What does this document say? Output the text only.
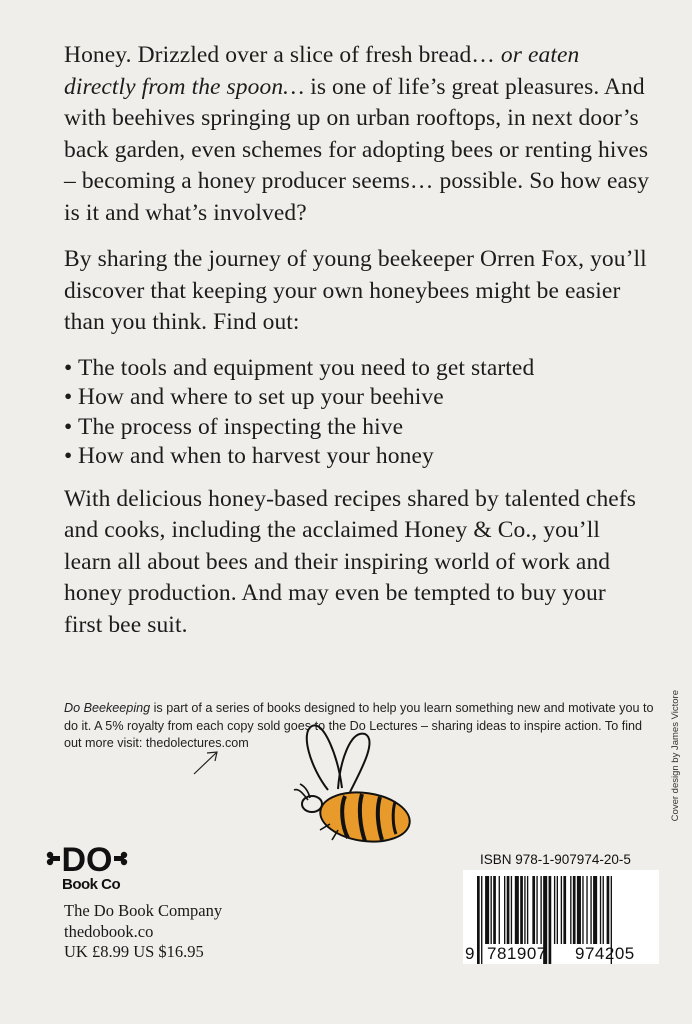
Honey. Drizzled over a slice of fresh bread… or eaten directly from the spoon… is one of life’s great pleasures. And with beehives springing up on urban rooftops, in next door’s back garden, even schemes for adopting bees or renting hives – becoming a honey producer seems… possible. So how easy is it and what’s involved?

By sharing the journey of young beekeeper Orren Fox, you’ll discover that keeping your own honeybees might be easier than you think. Find out:

• The tools and equipment you need to get started
• How and where to set up your beehive
• The process of inspecting the hive
• How and when to harvest your honey

With delicious honey-based recipes shared by talented chefs and cooks, including the acclaimed Honey & Co., you’ll learn all about bees and their inspiring world of work and honey production. And may even be tempted to buy your first bee suit.

Do Beekeeping is part of a series of books designed to help you learn something new and motivate you to do it. A 5% royalty from each copy sold goes to the Do Lectures – sharing ideas to inspire action. To find out more visit: thedolectures.com	Cover design by James Victore
DO
Book Co
The Do Book Company
thedobook.co
UK £8.99 US $16.95
ISBN 978-1-907974-20-5
9 781907 974205
